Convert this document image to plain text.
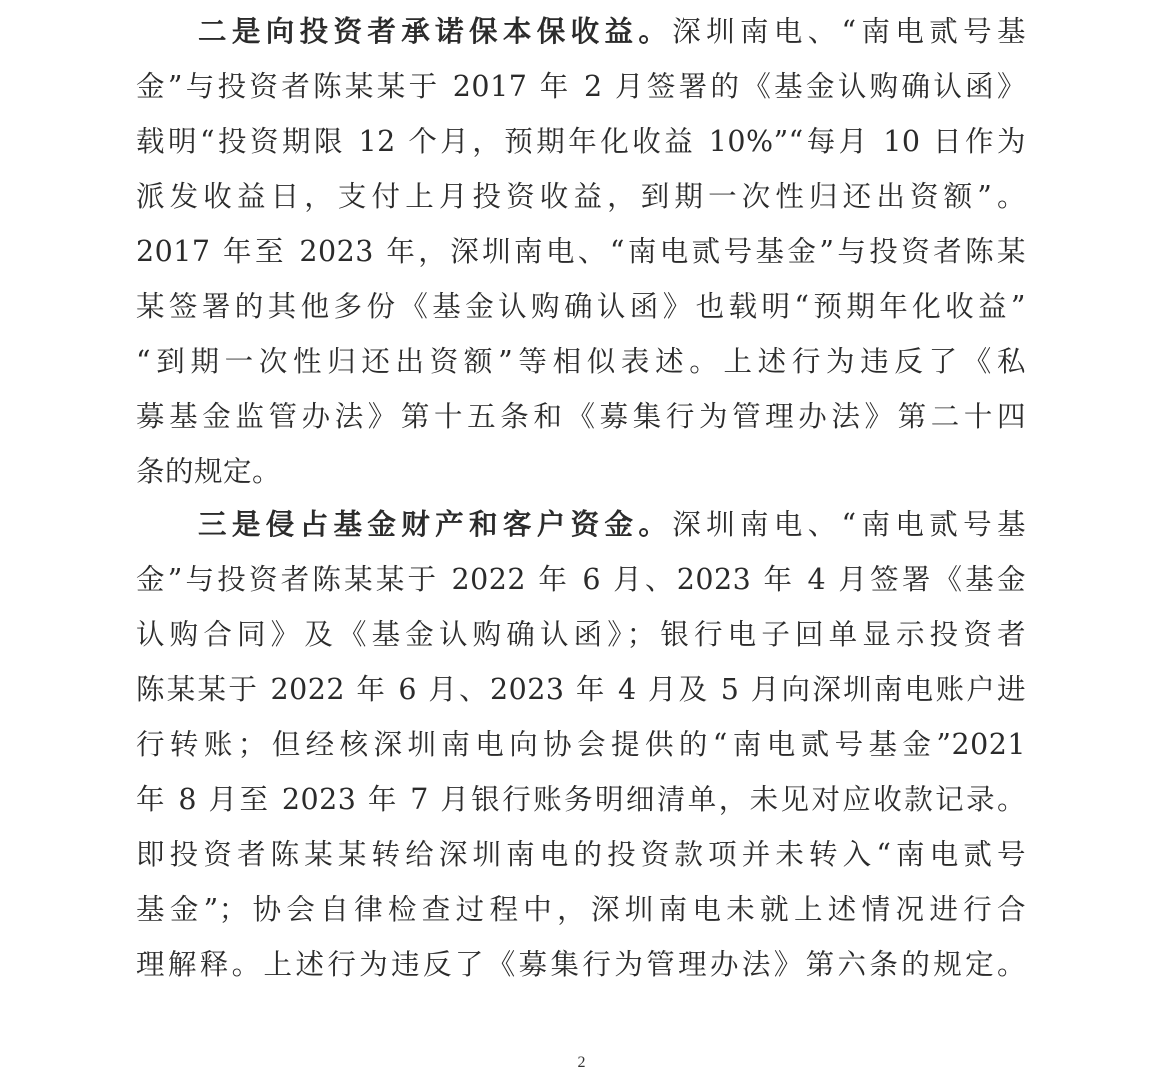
二是向投资者承诺保本保收益。深圳南电、“南电贰号基
金”与投资者陈某某于 2017 年 2 月签署的《基金认购确认函》
载明“投资期限 12 个月，预期年化收益 10%”“每月 10 日作为
派发收益日，支付上月投资收益，到期一次性归还出资额”。
2017 年至 2023 年，深圳南电、“南电贰号基金”与投资者陈某
某签署的其他多份《基金认购确认函》也载明“预期年化收益”
“到期一次性归还出资额”等相似表述。上述行为违反了《私
募基金监管办法》第十五条和《募集行为管理办法》第二十四
条的规定。
三是侵占基金财产和客户资金。深圳南电、“南电贰号基
金”与投资者陈某某于 2022 年 6 月、2023 年 4 月签署《基金
认购合同》及《基金认购确认函》；银行电子回单显示投资者
陈某某于 2022 年 6 月、2023 年 4 月及 5 月向深圳南电账户进
行转账；但经核深圳南电向协会提供的“南电贰号基金”2021
年 8 月至 2023 年 7 月银行账务明细清单，未见对应收款记录。
即投资者陈某某转给深圳南电的投资款项并未转入“南电贰号
基金”；协会自律检查过程中，深圳南电未就上述情况进行合
理解释。上述行为违反了《募集行为管理办法》第六条的规定。
2
